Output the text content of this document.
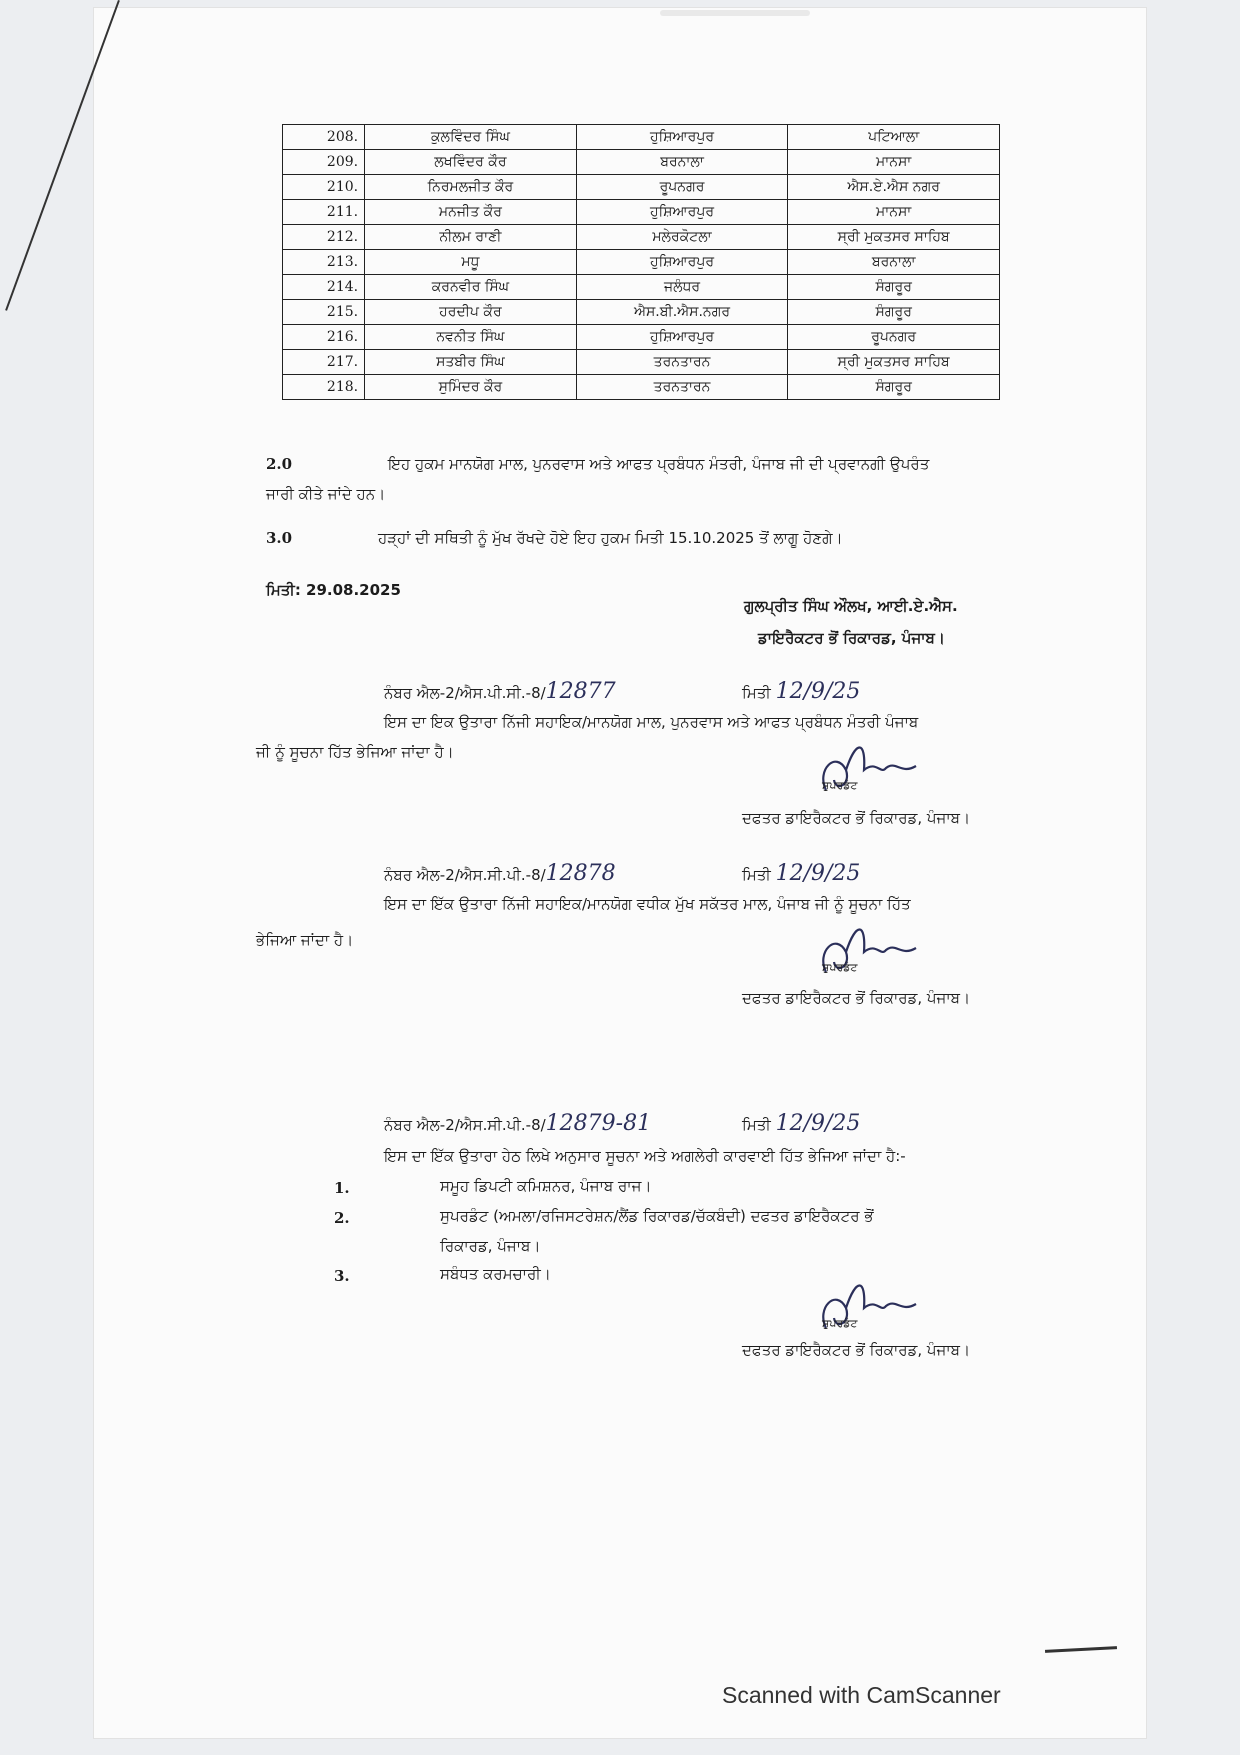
208.	ਕੁਲਵਿੰਦਰ ਸਿੰਘ	ਹੁਸ਼ਿਆਰਪੁਰ	ਪਟਿਆਲਾ
209.	ਲਖਵਿੰਦਰ ਕੌਰ	ਬਰਨਾਲਾ	ਮਾਨਸਾ
210.	ਨਿਰਮਲਜੀਤ ਕੌਰ	ਰੂਪਨਗਰ	ਐਸ.ਏ.ਐਸ ਨਗਰ
211.	ਮਨਜੀਤ ਕੌਰ	ਹੁਸ਼ਿਆਰਪੁਰ	ਮਾਨਸਾ
212.	ਨੀਲਮ ਰਾਣੀ	ਮਲੇਰਕੋਟਲਾ	ਸ੍ਰੀ ਮੁਕਤਸਰ ਸਾਹਿਬ
213.	ਮਧੂ	ਹੁਸ਼ਿਆਰਪੁਰ	ਬਰਨਾਲਾ
214.	ਕਰਨਵੀਰ ਸਿੰਘ	ਜਲੰਧਰ	ਸੰਗਰੂਰ
215.	ਹਰਦੀਪ ਕੌਰ	ਐਸ.ਬੀ.ਐਸ.ਨਗਰ	ਸੰਗਰੂਰ
216.	ਨਵਨੀਤ ਸਿੰਘ	ਹੁਸ਼ਿਆਰਪੁਰ	ਰੂਪਨਗਰ
217.	ਸਤਬੀਰ ਸਿੰਘ	ਤਰਨਤਾਰਨ	ਸ੍ਰੀ ਮੁਕਤਸਰ ਸਾਹਿਬ
218.	ਸੁਮਿੰਦਰ ਕੌਰ	ਤਰਨਤਾਰਨ	ਸੰਗਰੂਰ
2.0	ਇਹ ਹੁਕਮ ਮਾਨਯੋਗ ਮਾਲ, ਪੁਨਰਵਾਸ ਅਤੇ ਆਫਤ ਪ੍ਰਬੰਧਨ ਮੰਤਰੀ, ਪੰਜਾਬ ਜੀ ਦੀ ਪ੍ਰਵਾਨਗੀ ਉਪਰੰਤ
ਜਾਰੀ ਕੀਤੇ ਜਾਂਦੇ ਹਨ।
3.0	ਹੜ੍ਹਾਂ ਦੀ ਸਥਿਤੀ ਨੂੰ ਮੁੱਖ ਰੱਖਦੇ ਹੋਏ ਇਹ ਹੁਕਮ ਮਿਤੀ 15.10.2025 ਤੋਂ ਲਾਗੂ ਹੋਣਗੇ।
ਮਿਤੀ: 29.08.2025
ਗੁਲਪ੍ਰੀਤ ਸਿੰਘ ਔਲਖ, ਆਈ.ਏ.ਐਸ.
ਡਾਇਰੈਕਟਰ ਭੋਂ ਰਿਕਾਰਡ, ਪੰਜਾਬ।
ਨੰਬਰ ਐਲ-2/ਐਸ.ਪੀ.ਸੀ.-8/12877	ਮਿਤੀ 12/9/25
ਇਸ ਦਾ ਇਕ ਉਤਾਰਾ ਨਿੱਜੀ ਸਹਾਇਕ/ਮਾਨਯੋਗ ਮਾਲ, ਪੁਨਰਵਾਸ ਅਤੇ ਆਫਤ ਪ੍ਰਬੰਧਨ ਮੰਤਰੀ ਪੰਜਾਬ
ਜੀ ਨੂੰ ਸੂਚਨਾ ਹਿੱਤ ਭੇਜਿਆ ਜਾਂਦਾ ਹੈ।
ਸੁਪਰਡੰਟ
ਦਫਤਰ ਡਾਇਰੈਕਟਰ ਭੋਂ ਰਿਕਾਰਡ, ਪੰਜਾਬ।
ਨੰਬਰ ਐਲ-2/ਐਸ.ਸੀ.ਪੀ.-8/12878	ਮਿਤੀ 12/9/25
ਇਸ ਦਾ ਇੱਕ ਉਤਾਰਾ ਨਿੱਜੀ ਸਹਾਇਕ/ਮਾਨਯੋਗ ਵਧੀਕ ਮੁੱਖ ਸਕੱਤਰ ਮਾਲ, ਪੰਜਾਬ ਜੀ ਨੂੰ ਸੂਚਨਾ ਹਿੱਤ
ਭੇਜਿਆ ਜਾਂਦਾ ਹੈ।
ਸੁਪਰਡੰਟ
ਦਫਤਰ ਡਾਇਰੈਕਟਰ ਭੋਂ ਰਿਕਾਰਡ, ਪੰਜਾਬ।
ਨੰਬਰ ਐਲ-2/ਐਸ.ਸੀ.ਪੀ.-8/12879-81	ਮਿਤੀ 12/9/25
ਇਸ ਦਾ ਇੱਕ ਉਤਾਰਾ ਹੇਠ ਲਿਖੇ ਅਨੁਸਾਰ ਸੂਚਨਾ ਅਤੇ ਅਗਲੇਰੀ ਕਾਰਵਾਈ ਹਿੱਤ ਭੇਜਿਆ ਜਾਂਦਾ ਹੈ:-
1.	ਸਮੂਹ ਡਿਪਟੀ ਕਮਿਸ਼ਨਰ, ਪੰਜਾਬ ਰਾਜ।
2.	ਸੁਪਰਡੰਟ (ਅਮਲਾ/ਰਜਿਸਟਰੇਸ਼ਨ/ਲੈਂਡ ਰਿਕਾਰਡ/ਚੱਕਬੰਦੀ) ਦਫਤਰ ਡਾਇਰੈਕਟਰ ਭੋਂ
ਰਿਕਾਰਡ, ਪੰਜਾਬ।
3.	ਸਬੰਧਤ ਕਰਮਚਾਰੀ।
ਸੁਪਰਡੰਟ
ਦਫਤਰ ਡਾਇਰੈਕਟਰ ਭੋਂ ਰਿਕਾਰਡ, ਪੰਜਾਬ।
Scanned with CamScanner
